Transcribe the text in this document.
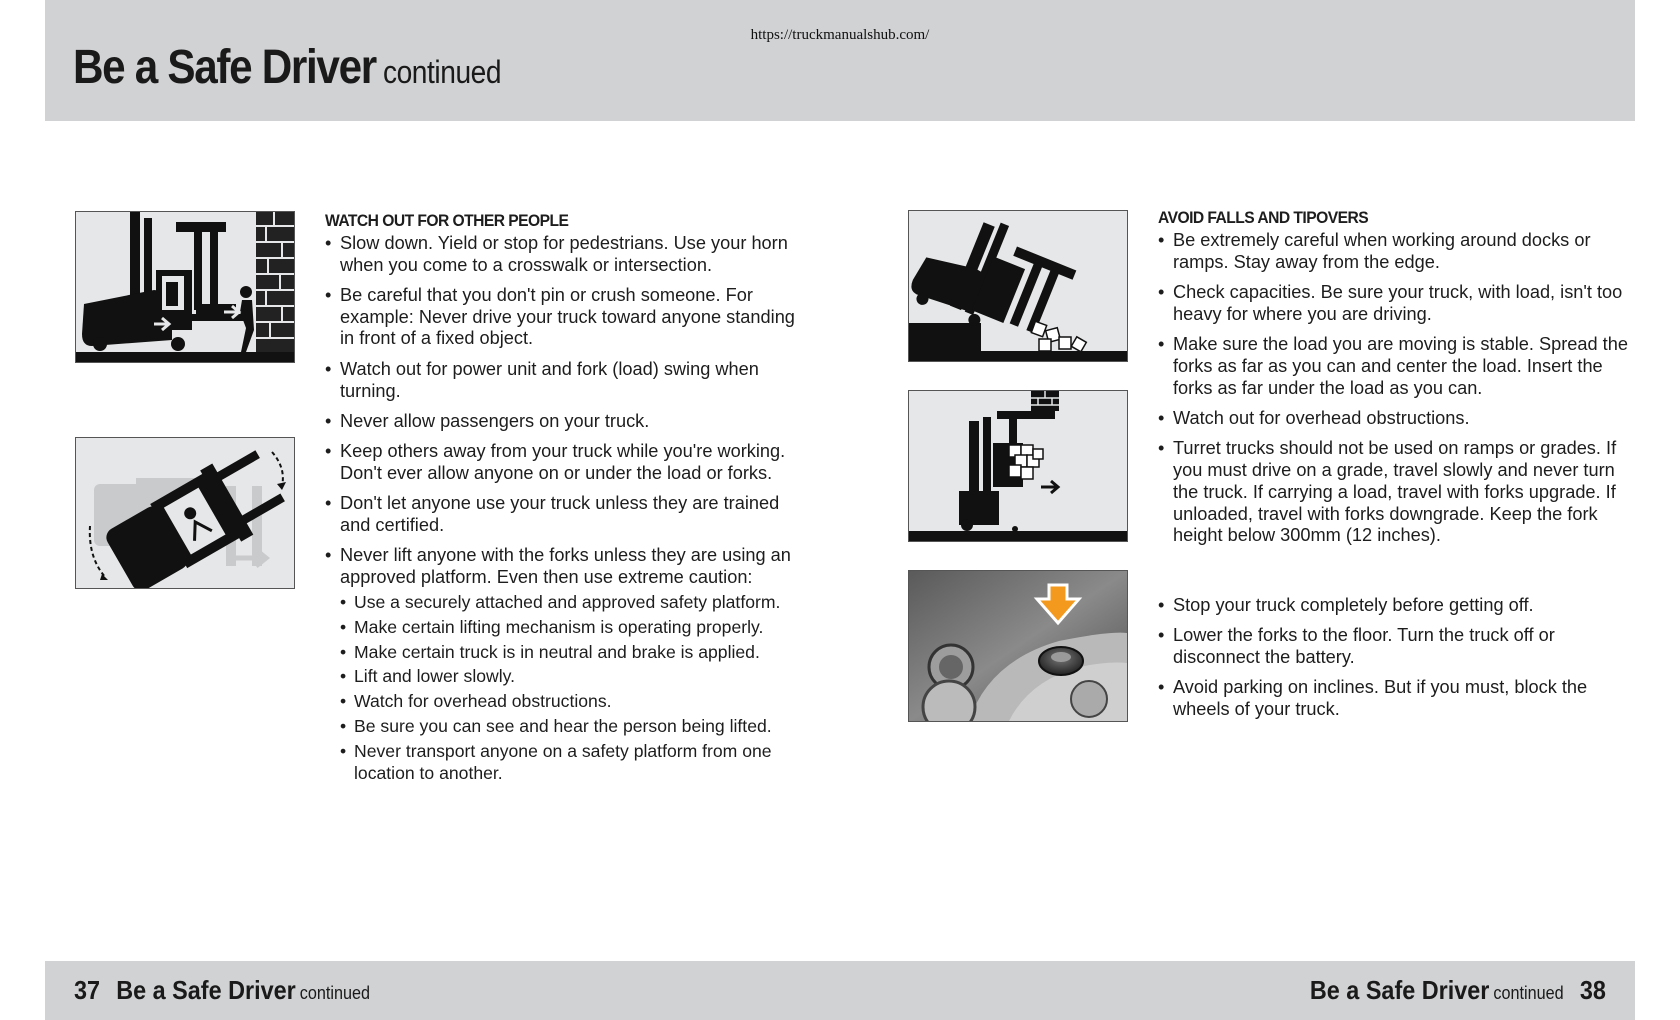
https://truckmanualshub.com/
Be a Safe Driver continued
WATCH OUT FOR OTHER PEOPLE
• Slow down. Yield or stop for pedestrians. Use your horn when you come to a crosswalk or intersection.
• Be careful that you don't pin or crush someone. For example: Never drive your truck toward anyone standing in front of a fixed object.
• Watch out for power unit and fork (load) swing when turning.
• Never allow passengers on your truck.
• Keep others away from your truck while you're working. Don't ever allow anyone on or under the load or forks.
• Don't let anyone use your truck unless they are trained and certified.
• Never lift anyone with the forks unless they are using an approved platform. Even then use extreme caution:
• Use a securely attached and approved safety platform.
• Make certain lifting mechanism is operating properly.
• Make certain truck is in neutral and brake is applied.
• Lift and lower slowly.
• Watch for overhead obstructions.
• Be sure you can see and hear the person being lifted.
• Never transport anyone on a safety platform from one location to another.
AVOID FALLS AND TIPOVERS
• Be extremely careful when working around docks or ramps. Stay away from the edge.
• Check capacities. Be sure your truck, with load, isn't too heavy for where you are driving.
• Make sure the load you are moving is stable. Spread the forks as far as you can and center the load. Insert the forks as far under the load as you can.
• Watch out for overhead obstructions.
• Turret trucks should not be used on ramps or grades. If you must drive on a grade, travel slowly and never turn the truck. If carrying a load, travel with forks upgrade. If unloaded, travel with forks downgrade. Keep the fork height below 300mm (12 inches).
• Stop your truck completely before getting off.
• Lower the forks to the floor. Turn the truck off or disconnect the battery.
• Avoid parking on inclines. But if you must, block the wheels of your truck.
37 Be a Safe Driver continued	Be a Safe Driver continued 38
